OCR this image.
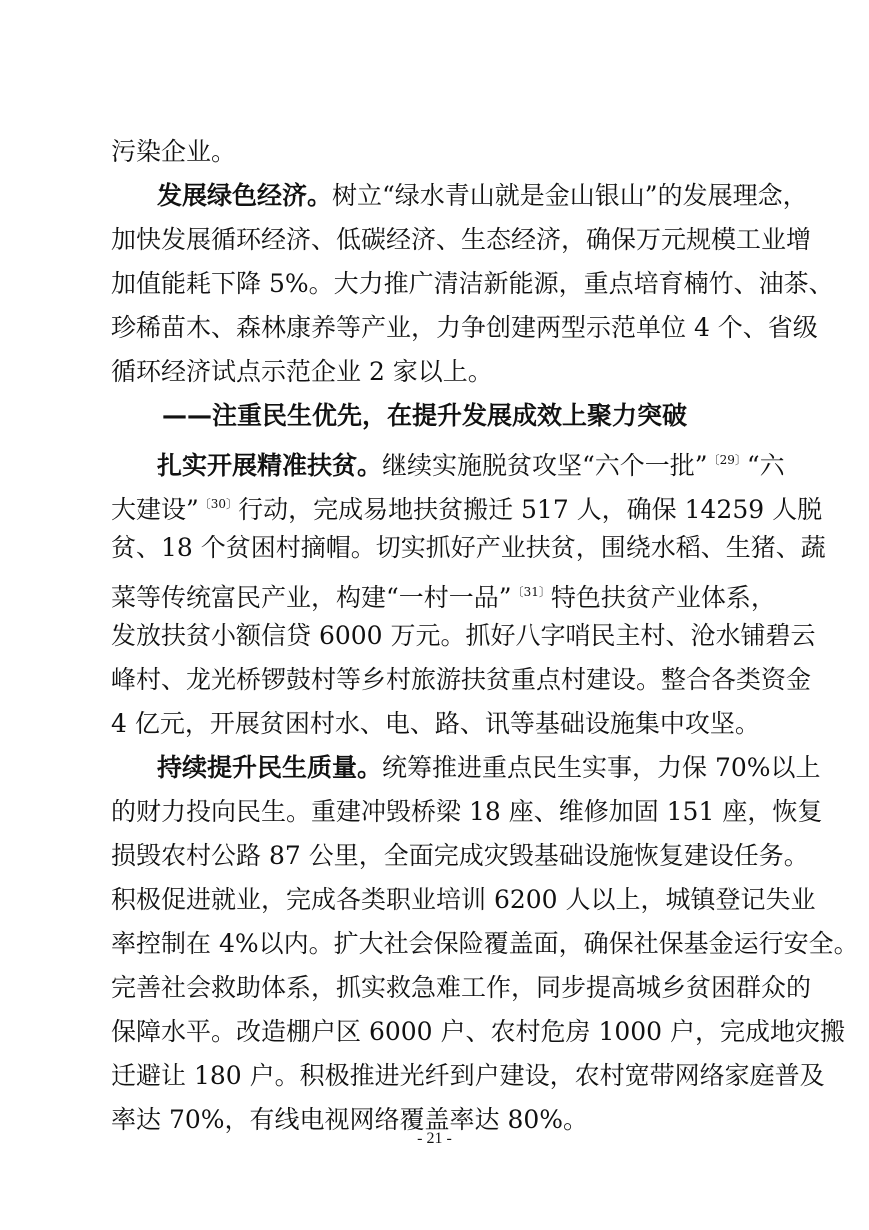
污染企业。
发展绿色经济。树立“绿水青山就是金山银山”的发展理念，
加快发展循环经济、低碳经济、生态经济，确保万元规模工业增
加值能耗下降 5%。大力推广清洁新能源，重点培育楠竹、油茶、
珍稀苗木、森林康养等产业，力争创建两型示范单位 4 个、省级
循环经济试点示范企业 2 家以上。
——注重民生优先，在提升发展成效上聚力突破
扎实开展精准扶贫。继续实施脱贫攻坚“六个一批”$^{〔29〕}$“六
大建设”$^{〔30〕}$行动，完成易地扶贫搬迁 517 人，确保 14259 人脱
贫、18 个贫困村摘帽。切实抓好产业扶贫，围绕水稻、生猪、蔬
菜等传统富民产业，构建“一村一品”$^{〔31〕}$特色扶贫产业体系，
发放扶贫小额信贷 6000 万元。抓好八字哨民主村、沧水铺碧云
峰村、龙光桥锣鼓村等乡村旅游扶贫重点村建设。整合各类资金
4 亿元，开展贫困村水、电、路、讯等基础设施集中攻坚。
持续提升民生质量。统筹推进重点民生实事，力保 70%以上
的财力投向民生。重建冲毁桥梁 18 座、维修加固 151 座，恢复
损毁农村公路 87 公里，全面完成灾毁基础设施恢复建设任务。
积极促进就业，完成各类职业培训 6200 人以上，城镇登记失业
率控制在 4%以内。扩大社会保险覆盖面，确保社保基金运行安全。
完善社会救助体系，抓实救急难工作，同步提高城乡贫困群众的
保障水平。改造棚户区 6000 户、农村危房 1000 户，完成地灾搬
迁避让 180 户。积极推进光纤到户建设，农村宽带网络家庭普及
率达 70%，有线电视网络覆盖率达 80%。
- 21 -
